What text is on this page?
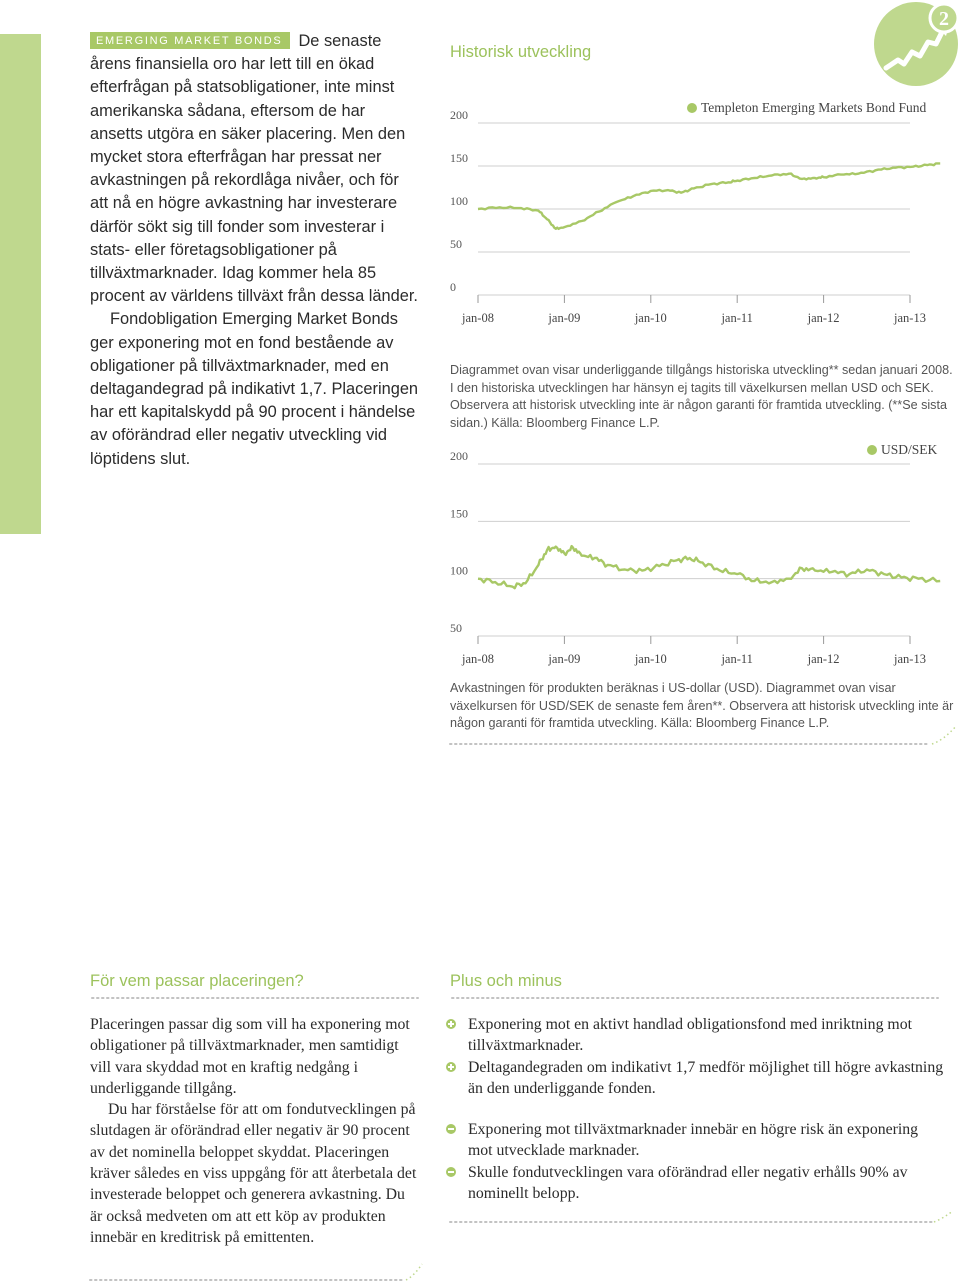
2

EMERGING MARKET BONDS De senaste årens finansiella oro har lett till en ökad efterfrågan på statsobligationer, inte minst amerikanska sådana, eftersom de har ansetts utgöra en säker placering. Men den mycket stora efterfrågan har pressat ner avkastningen på rekordlåga nivåer, och för att nå en högre avkastning har investerare därför sökt sig till fonder som investerar i stats- eller företagsobligationer på tillväxtmarknader. Idag kommer hela 85 procent av världens tillväxt från dessa länder.

Fondobligation Emerging Market Bonds ger exponering mot en fond bestående av obligationer på tillväxtmarknader, med en deltagandegrad på indikativt 1,7. Placeringen har ett kapitalskydd på 90 procent i händelse av oförändrad eller negativ utveckling vid löptidens slut.

Historisk utveckling
0
50
100
150
200
jan-08	jan-09	jan-10	jan-11	jan-12	jan-13
Templeton Emerging Markets Bond Fund

Diagrammet ovan visar underliggande tillgångs historiska utveckling** sedan januari 2008. I den historiska utvecklingen har hänsyn ej tagits till växelkursen mellan USD och SEK. Observera att historisk utveckling inte är någon garanti för framtida utveckling. (**Se sista sidan.) Källa: Bloomberg Finance L.P.

50
100
150
200
jan-08	jan-09	jan-10	jan-11	jan-12	jan-13
USD/SEK

Avkastningen för produkten beräknas i US-dollar (USD). Diagrammet ovan visar växelkursen för USD/SEK de senaste fem åren**. Observera att historisk utveckling inte är någon garanti för framtida utveckling. Källa: Bloomberg Finance L.P.

För vem passar placeringen?

Placeringen passar dig som vill ha exponering mot obligationer på tillväxtmarknader, men samtidigt vill vara skyddad mot en kraftig nedgång i underliggande tillgång.

Du har förståelse för att om fondutvecklingen på slutdagen är oförändrad eller negativ är 90 procent av det nominella beloppet skyddat. Placeringen kräver således en viss uppgång för att återbetala det investerade beloppet och generera avkastning. Du är också medveten om att ett köp av produkten innebär en kreditrisk på emittenten.

Plus och minus
Exponering mot en aktivt handlad obligationsfond med inriktning mot tillväxtmarknader.
Deltagandegraden om indikativt 1,7 medför möjlighet till högre avkastning än den underliggande fonden.
Exponering mot tillväxtmarknader innebär en högre risk än exponering mot utvecklade marknader.
Skulle fondutvecklingen vara oförändrad eller negativ erhålls 90% av nominellt belopp.
